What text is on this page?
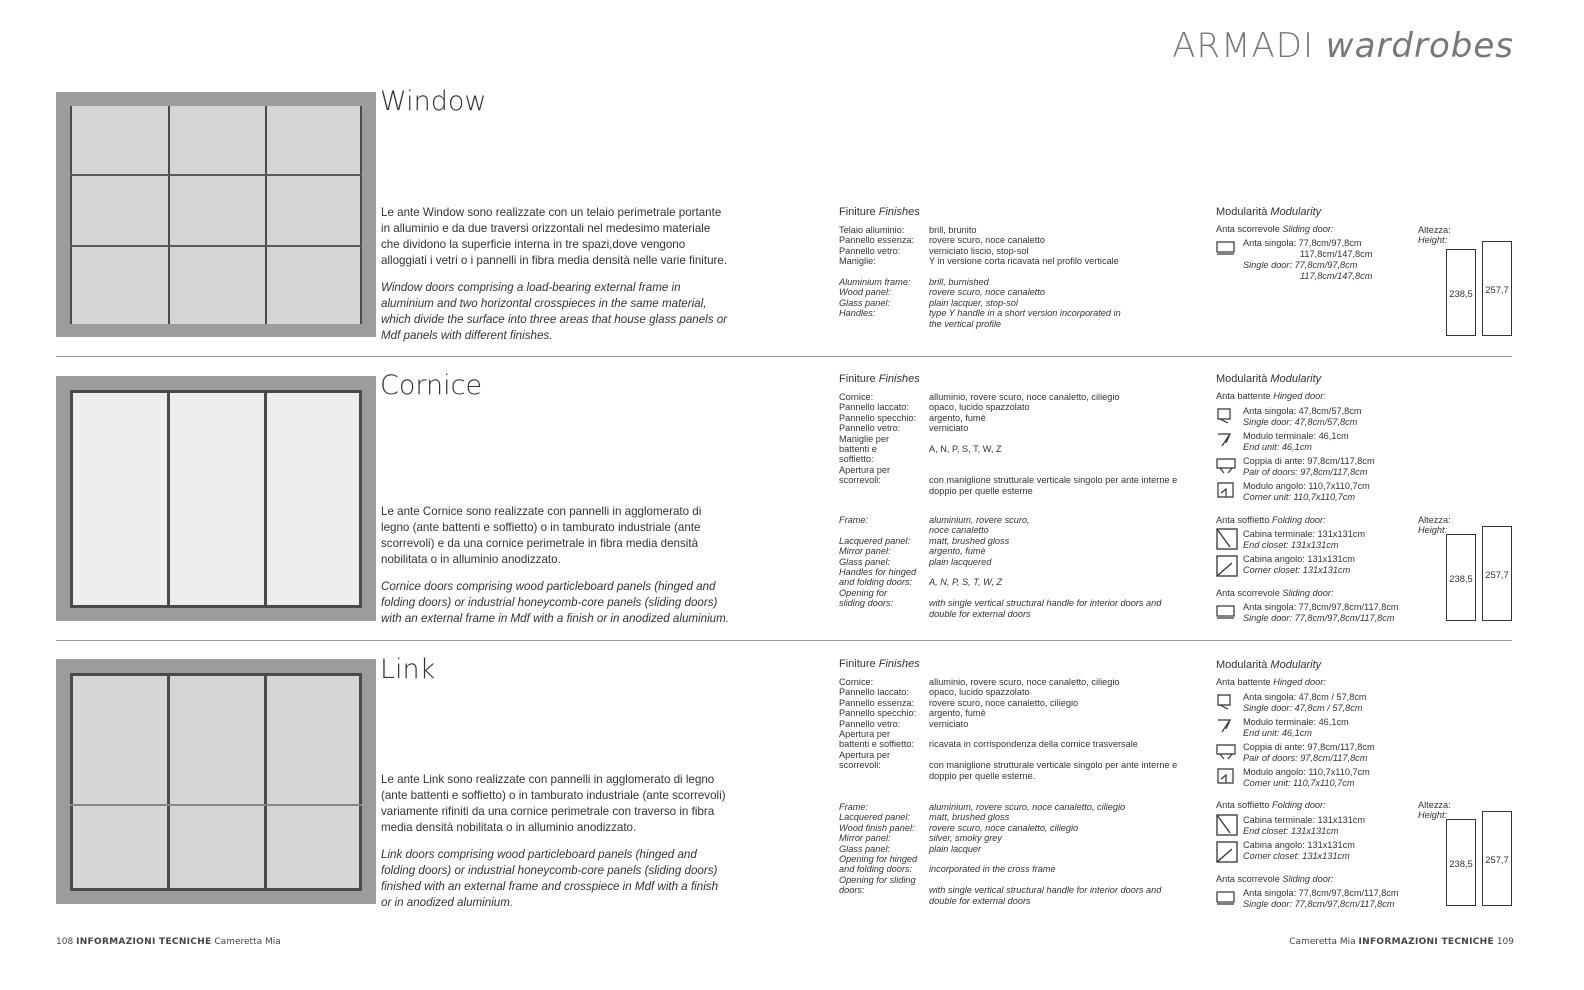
ARMADI wardrobes
Window

Le ante Window sono realizzate con un telaio perimetrale portante in alluminio e da due traversi orizzontali nel medesimo materiale che dividono la superficie interna in tre spazi,dove vengono alloggiati i vetri o i pannelli in fibra media densità nelle varie finiture.

Window doors comprising a load-bearing external frame in aluminium and two horizontal crosspieces in the same material, which divide the surface into three areas that house glass panels or Mdf panels with different finishes.

Finiture Finishes
Telaio alluminio:	brill, brunito
Pannello essenza:	rovere scuro, noce canaletto
Pannello vetro:	verniciato liscio, stop-sol
Maniglie:	Y in versione corta ricavata nel profilo verticale
Aluminium frame:	brill, burnished
Wood panel:	rovere scuro, noce canaletto
Glass panel:	plain lacquer, stop-sol
Handles:	type Y handle in a short version incorporated in the vertical profile
Modularità Modularity
Anta scorrevole Sliding door:
Anta singola: 77,8cm/97,8cm
117,8cm/147,8cm
Single door: 77,8cm/97,8cm
117,8cm/147,8cm
Altezza:
Height:
238,5 257,7
Cornice

Le ante Cornice sono realizzate con pannelli in agglomerato di legno (ante battenti e soffietto) o in tamburato industriale (ante scorrevoli) e da una cornice perimetrale in fibra media densità nobilitata o in alluminio anodizzato.

Cornice doors comprising wood particleboard panels (hinged and folding doors) or industrial honeycomb-core panels (sliding doors) with an external frame in Mdf with a finish or in anodized aluminium.

Finiture Finishes
Cornice:	alluminio, rovere scuro, noce canaletto, ciliegio
Pannello laccato:	opaco, lucido spazzolato
Pannello specchio:	argento, fumè
Pannello vetro:	verniciato
Maniglie per battenti e soffietto:
A, N, P, S, T, W, Z
Apertura per scorrevoli:	con maniglione strutturale verticale singolo per ante interne e doppio per quelle esterne
Frame:	aluminium, rovere scuro, noce canaletto
Lacquered panel:	matt, brushed gloss
Mirror panel:	argento, fumè
Glass panel:	plain lacquered
Handles for hinged and folding doors:	A, N, P, S, T, W, Z
Opening for sliding doors:	with single vertical structural handle for interior doors and double for external doors
Modularità Modularity
Anta battente Hinged door:
Anta singola: 47,8cm/57,8cm
Single door: 47,8cm/57,8cm
Modulo terminale: 46,1cm
End unit: 46,1cm
Coppia di ante: 97,8cm/117,8cm
Pair of doors: 97,8cm/117,8cm
Modulo angolo: 110,7x110,7cm
Corner unit: 110,7x110,7cm
Anta soffietto Folding door:
Cabina terminale: 131x131cm
End closet: 131x131cm
Cabina angolo: 131x131cm
Corner closet: 131x131cm
Anta scorrevole Sliding door:
Anta singola: 77,8cm/97,8cm/117,8cm
Single door: 77,8cm/97,8cm/117,8cm
Altezza:
Height:
238,5 257,7
Link

Le ante Link sono realizzate con pannelli in agglomerato di legno (ante battenti e soffietto) o in tamburato industriale (ante scorrevoli) variamente rifiniti da una cornice perimetrale con traverso in fibra media densità nobilitata o in alluminio anodizzato.

Link doors comprising wood particleboard panels (hinged and folding doors) or industrial honeycomb-core panels (sliding doors) finished with an external frame and crosspiece in Mdf with a finish or in anodized aluminium.

Finiture Finishes
Cornice:	alluminio, rovere scuro, noce canaletto, ciliegio
Pannello laccato:	opaco, lucido spazzolato
Pannello essenza:	rovere scuro, noce canaletto, ciliegio
Pannello specchio:	argento, fumè
Pannello vetro:	verniciato
Apertura per battenti e soffietto:	ricavata in corrispondenza della cornice trasversale
Apertura per scorrevoli:	con maniglione strutturale verticale singolo per ante interne e doppio per quelle esterne.
Frame:	aluminium, rovere scuro, noce canaletto, ciliegio
Lacquered panel:	matt, brushed gloss
Wood finish panel:	rovere scuro, noce canaletto, ciliegio
Mirror panel:	silver, smoky grey
Glass panel:	plain lacquer
Opening for hinged and folding doors:	incorporated in the cross frame
Opening for sliding doors:	with single vertical structural handle for interior doors and double for external doors
Modularità Modularity
Anta battente Hinged door:
Anta singola: 47,8cm / 57,8cm
Single door: 47,8cm / 57,8cm
Modulo terminale: 46,1cm
End unit: 46,1cm
Coppia di ante: 97,8cm/117,8cm
Pair of doors: 97,8cm/117,8cm
Modulo angolo: 110,7x110,7cm
Comer unit: 110,7x110,7cm
Anta soffietto Folding door:
Cabina terminale: 131x131cm
End closet: 131x131cm
Cabina angolo: 131x131cm
Comer closet: 131x131cm
Anta scorrevole Sliding door:
Anta singola: 77,8cm/97,8cm/117,8cm
Single door: 77,8cm/97,8cm/117,8cm
Altezza:
Height:
238,5 257,7
108 INFORMAZIONI TECNICHE Cameretta Mia	Cameretta Mia INFORMAZIONI TECNICHE 109
